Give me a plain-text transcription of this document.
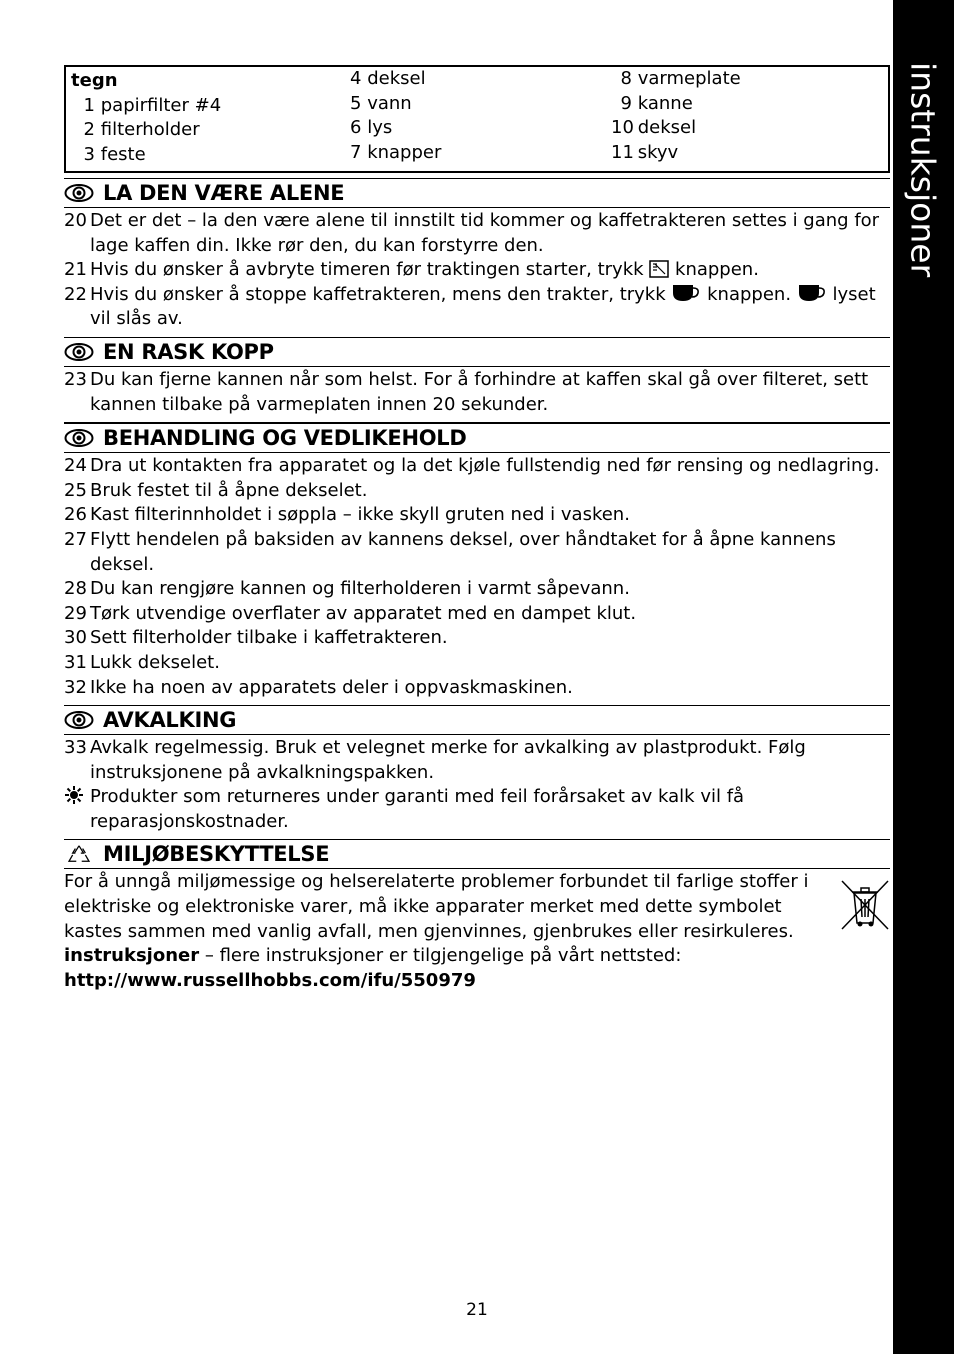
instruksjoner
tegn
1 papirfilter #4
2 filterholder
3 feste
4 deksel
5 vann
6 lys
7 knapper
8 varmeplate
9 kanne
10 deksel
11 skyv
LA DEN VÆRE ALENE
20 Det er det – la den være alene til innstilt tid kommer og kaffetrakteren settes i gang for lage kaffen din. Ikke rør den, du kan forstyrre den.
21 Hvis du ønsker å avbryte timeren før traktingen starter, trykk knappen.
22 Hvis du ønsker å stoppe kaffetrakteren, mens den trakter, trykk knappen. lyset vil slås av.
EN RASK KOPP
23 Du kan fjerne kannen når som helst. For å forhindre at kaffen skal gå over filteret, sett kannen tilbake på varmeplaten innen 20 sekunder.
BEHANDLING OG VEDLIKEHOLD
24 Dra ut kontakten fra apparatet og la det kjøle fullstendig ned før rensing og nedlagring.
25 Bruk festet til å åpne dekselet.
26 Kast filterinnholdet i søppla – ikke skyll gruten ned i vasken.
27 Flytt hendelen på baksiden av kannens deksel, over håndtaket for å åpne kannens deksel.
28 Du kan rengjøre kannen og filterholderen i varmt såpevann.
29 Tørk utvendige overflater av apparatet med en dampet klut.
30 Sett filterholder tilbake i kaffetrakteren.
31 Lukk dekselet.
32 Ikke ha noen av apparatets deler i oppvaskmaskinen.
AVKALKING
33 Avkalk regelmessig. Bruk et velegnet merke for avkalking av plastprodukt. Følg instruksjonene på avkalkningspakken.
Produkter som returneres under garanti med feil forårsaket av kalk vil få reparasjonskostnader.
MILJØBESKYTTELSE
For å unngå miljømessige og helserelaterte problemer forbundet til farlige stoffer i elektriske og elektroniske varer, må ikke apparater merket med dette symbolet kastes sammen med vanlig avfall, men gjenvinnes, gjenbrukes eller resirkuleres.
instruksjoner – flere instruksjoner er tilgjengelige på vårt nettsted:
http://www.russellhobbs.com/ifu/550979
21
